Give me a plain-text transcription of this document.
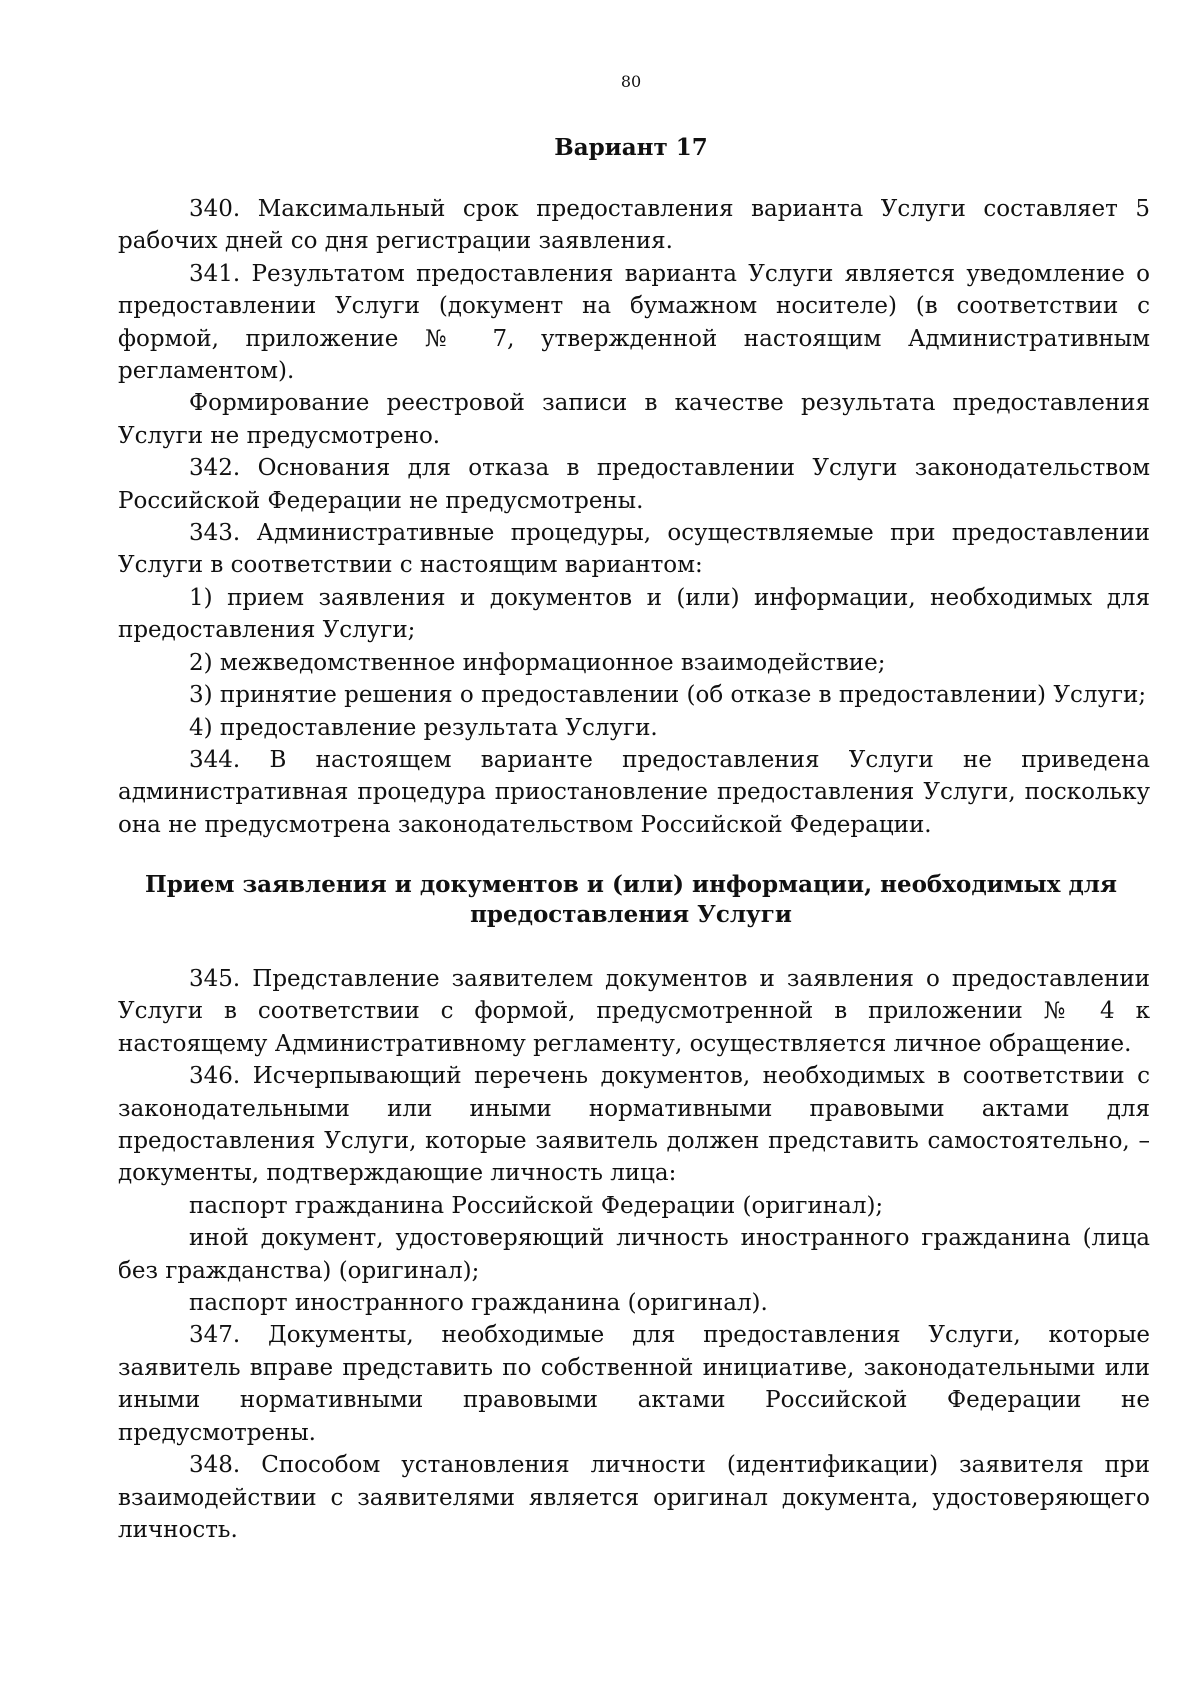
80
Вариант 17

340. Максимальный срок предоставления варианта Услуги составляет 5 рабочих дней со дня регистрации заявления.

341. Результатом предоставления варианта Услуги является уведомление о предоставлении Услуги (документ на бумажном носителе) (в соответствии с формой, приложение № 7, утвержденной настоящим Административным регламентом).

Формирование реестровой записи в качестве результата предоставления Услуги не предусмотрено.

342. Основания для отказа в предоставлении Услуги законодательством Российской Федерации не предусмотрены.

343. Административные процедуры, осуществляемые при предоставлении Услуги в соответствии с настоящим вариантом:

1) прием заявления и документов и (или) информации, необходимых для предоставления Услуги;

2) межведомственное информационное взаимодействие;

3) принятие решения о предоставлении (об отказе в предоставлении) Услуги;

4) предоставление результата Услуги.

344. В настоящем варианте предоставления Услуги не приведена административная процедура приостановление предоставления Услуги, поскольку она не предусмотрена законодательством Российской Федерации.

Прием заявления и документов и (или) информации, необходимых для
предоставления Услуги

345. Представление заявителем документов и заявления о предоставлении Услуги в соответствии с формой, предусмотренной в приложении № 4 к настоящему Административному регламенту, осуществляется личное обращение.

346. Исчерпывающий перечень документов, необходимых в соответствии с законодательными или иными нормативными правовыми актами для предоставления Услуги, которые заявитель должен представить самостоятельно, – документы, подтверждающие личность лица:

паспорт гражданина Российской Федерации (оригинал);

иной документ, удостоверяющий личность иностранного гражданина (лица без гражданства) (оригинал);

паспорт иностранного гражданина (оригинал).

347. Документы, необходимые для предоставления Услуги, которые заявитель вправе представить по собственной инициативе, законодательными или иными нормативными правовыми актами Российской Федерации не предусмотрены.

348. Способом установления личности (идентификации) заявителя при взаимодействии с заявителями является оригинал документа, удостоверяющего личность.
